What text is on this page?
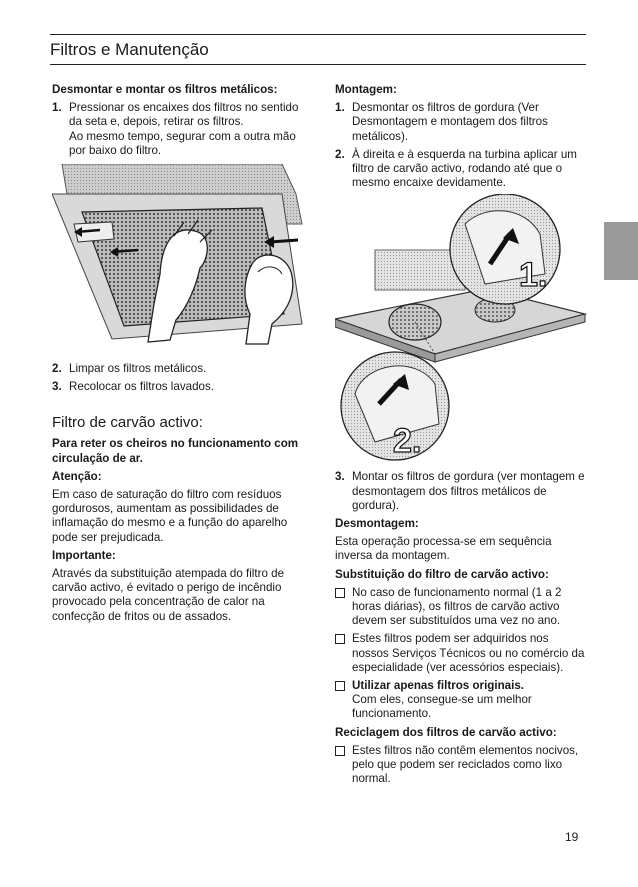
Filtros e Manutenção
Desmontar e montar os filtros metálicos:
1. Pressionar os encaixes dos filtros no sentido da seta e, depois, retirar os filtros.
Ao mesmo tempo, segurar com a outra mão por baixo do filtro.
2. Limpar os filtros metálicos.
3. Recolocar os filtros lavados.
Filtro de carvão activo:
Para reter os cheiros no funcionamento com circulação de ar.
Atenção:
Em caso de saturação do filtro com resíduos gordurosos, aumentam as possibilidades de inflamação do mesmo e a função do aparelho pode ser prejudicada.
Importante:
Através da substituição atempada do filtro de carvão activo, é evitado o perigo de incêndio provocado pela concentração de calor na confecção de fritos ou de assados.
Montagem:
1. Desmontar os filtros de gordura (Ver Desmontagem e montagem dos filtros metálicos).
2. À direita e à esquerda na turbina aplicar um filtro de carvão activo, rodando até que o mesmo encaixe devidamente.
1.
2.
3. Montar os filtros de gordura (ver montagem e desmontagem dos filtros metálicos de gordura).
Desmontagem:
Esta operação processa-se em sequência inversa da montagem.
Substituição do filtro de carvão activo:
No caso de funcionamento normal (1 a 2 horas diárias), os filtros de carvão activo devem ser substituídos uma vez no ano.
Estes filtros podem ser adquiridos nos nossos Serviços Técnicos ou no comércio da especialidade (ver acessórios especiais).
Utilizar apenas filtros originais.
Com eles, consegue-se um melhor funcionamento.
Reciclagem dos filtros de carvão activo:
Estes filtros não contêm elementos nocivos, pelo que podem ser reciclados como lixo normal.
19
